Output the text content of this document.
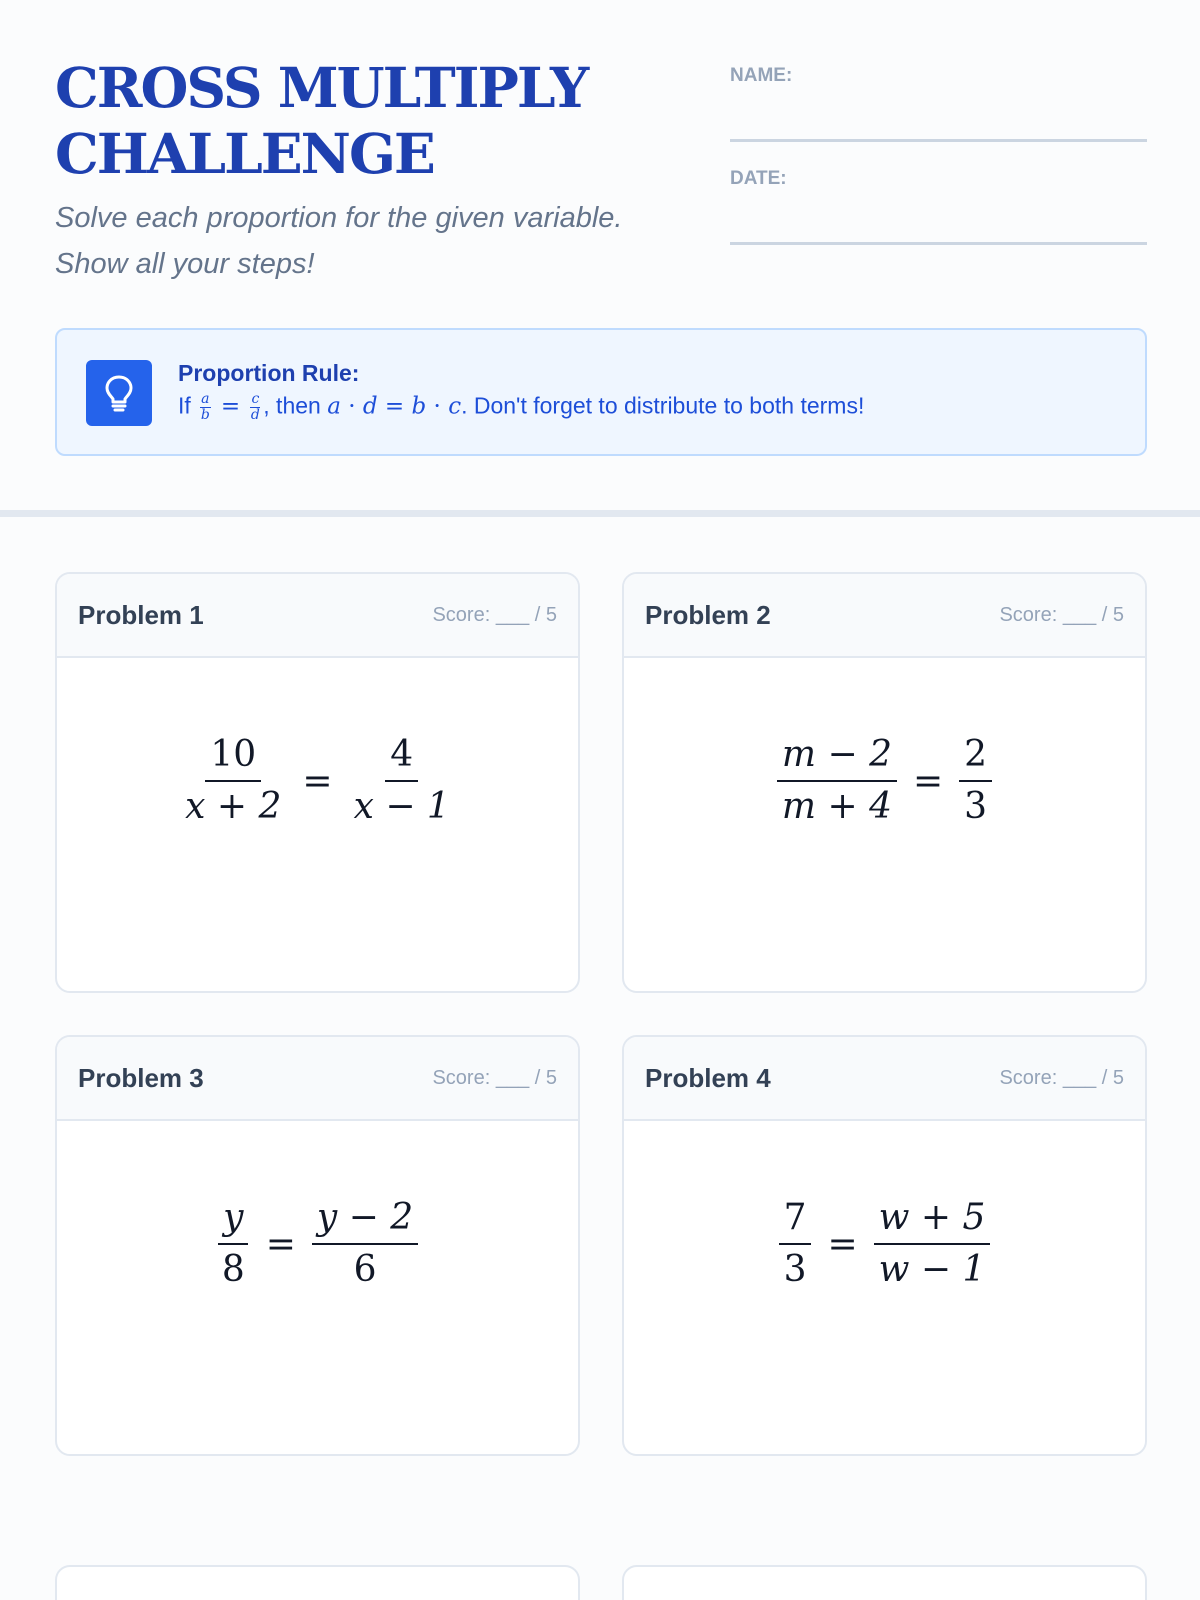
CROSS MULTIPLY
CHALLENGE
Solve each proportion for the given variable.
Show all your steps!
NAME:
DATE:
Proportion Rule:
If $\frac{a}{b} = \frac{c}{d}$ , then a · d = b · c. Don't forget to distribute to both terms!
Problem 1	Score: ___ / 5
$\frac{10}{x + 2} = \frac{4}{x - 1}$
Problem 2	Score: ___ / 5
$\frac{m - 2}{m + 4} = \frac{2}{3}$
Problem 3	Score: ___ / 5
$\frac{y}{8} = \frac{y - 2}{6}$
Problem 4	Score: ___ / 5
$\frac{7}{3} = \frac{w + 5}{w - 1}$
